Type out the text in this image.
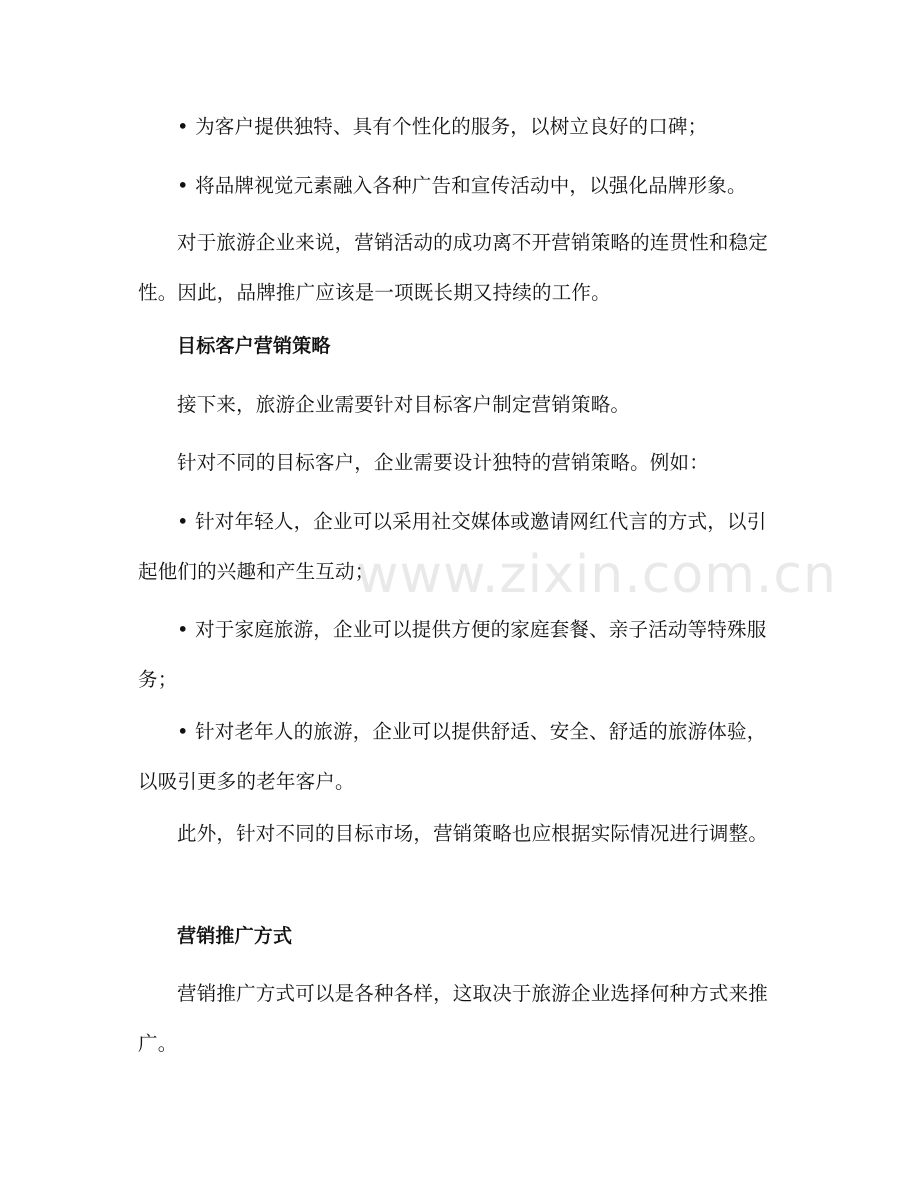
• 为客户提供独特、具有个性化的服务，以树立良好的口碑；

• 将品牌视觉元素融入各种广告和宣传活动中，以强化品牌形象。

对于旅游企业来说，营销活动的成功离不开营销策略的连贯性和稳定性。因此，品牌推广应该是一项既长期又持续的工作。

目标客户营销策略

接下来，旅游企业需要针对目标客户制定营销策略。

针对不同的目标客户，企业需要设计独特的营销策略。例如：

• 针对年轻人，企业可以采用社交媒体或邀请网红代言的方式，以引起他们的兴趣和产生互动；

• 对于家庭旅游，企业可以提供方便的家庭套餐、亲子活动等特殊服务；

• 针对老年人的旅游，企业可以提供舒适、安全、舒适的旅游体验，以吸引更多的老年客户。

此外，针对不同的目标市场，营销策略也应根据实际情况进行调整。

营销推广方式

营销推广方式可以是各种各样，这取决于旅游企业选择何种方式来推广。

www.zixin.com.cn
